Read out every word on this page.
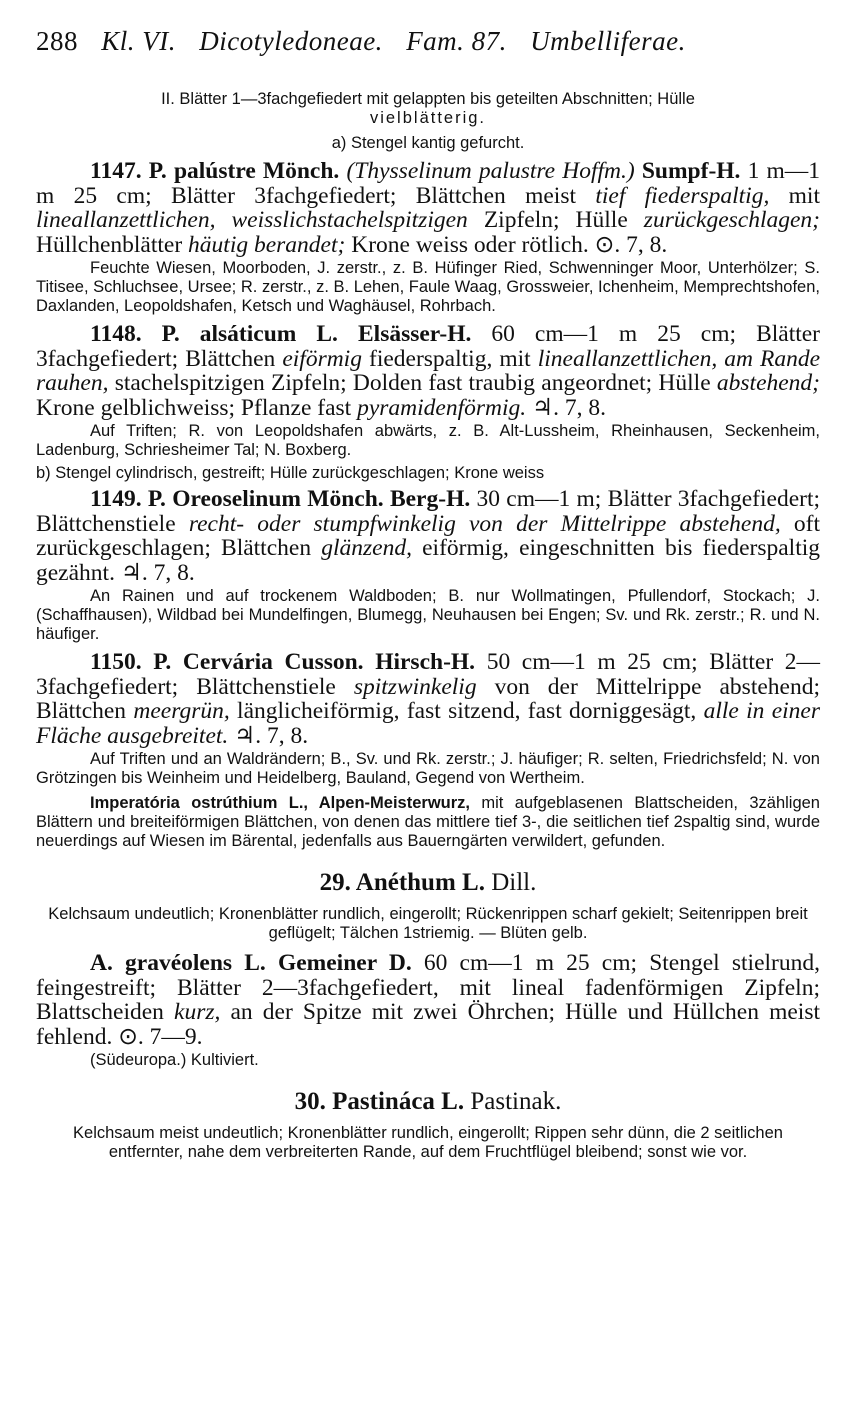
288 Kl. VI. Dicotyledoneae. Fam. 87. Umbelliferae.
II. Blätter 1—3fachgefiedert mit gelappten bis geteilten Abschnitten; Hülle
vielblätterig.
a) Stengel kantig gefurcht.

1147. P. palústre Mönch. (Thysselinum palustre Hoffm.) Sumpf-H. 1 m—1 m 25 cm; Blätter 3fachgefiedert; Blättchen meist tief fiederspaltig, mit lineallanzettlichen, weisslichstachelspitzigen Zipfeln; Hülle zurückgeschlagen; Hüllchenblätter häutig berandet; Krone weiss oder rötlich. ⊙. 7, 8.

Feuchte Wiesen, Moorboden, J. zerstr., z. B. Hüfinger Ried, Schwenninger Moor, Unterhölzer; S. Titisee, Schluchsee, Ursee; R. zerstr., z. B. Lehen, Faule Waag, Grossweier, Ichenheim, Memprechtshofen, Daxlanden, Leopoldshafen, Ketsch und Waghäusel, Rohrbach.

1148. P. alsáticum L. Elsässer-H. 60 cm—1 m 25 cm; Blätter 3fachgefiedert; Blättchen eiförmig fiederspaltig, mit lineallanzettlichen, am Rande rauhen, stachelspitzigen Zipfeln; Dolden fast traubig angeordnet; Hülle abstehend; Krone gelblichweiss; Pflanze fast pyramidenförmig. ♃. 7, 8.

Auf Triften; R. von Leopoldshafen abwärts, z. B. Alt-Lussheim, Rheinhausen, Seckenheim, Ladenburg, Schriesheimer Tal; N. Boxberg.

b) Stengel cylindrisch, gestreift; Hülle zurückgeschlagen; Krone weiss

1149. P. Oreoselinum Mönch. Berg-H. 30 cm—1 m; Blätter 3fachgefiedert; Blättchenstiele recht- oder stumpfwinkelig von der Mittelrippe abstehend, oft zurückgeschlagen; Blättchen glänzend, eiförmig, eingeschnitten bis fiederspaltig gezähnt. ♃. 7, 8.

An Rainen und auf trockenem Waldboden; B. nur Wollmatingen, Pfullendorf, Stockach; J. (Schaffhausen), Wildbad bei Mundelfingen, Blumegg, Neuhausen bei Engen; Sv. und Rk. zerstr.; R. und N. häufiger.

1150. P. Cervária Cusson. Hirsch-H. 50 cm—1 m 25 cm; Blätter 2—3fachgefiedert; Blättchenstiele spitzwinkelig von der Mittelrippe abstehend; Blättchen meergrün, länglicheiförmig, fast sitzend, fast dorniggesägt, alle in einer Fläche ausgebreitet. ♃. 7, 8.

Auf Triften und an Waldrändern; B., Sv. und Rk. zerstr.; J. häufiger; R. selten, Friedrichsfeld; N. von Grötzingen bis Weinheim und Heidelberg, Bauland, Gegend von Wertheim.

Imperatória ostrúthium L., Alpen-Meisterwurz, mit aufgeblasenen Blattscheiden, 3zähligen Blättern und breiteiförmigen Blättchen, von denen das mittlere tief 3-, die seitlichen tief 2spaltig sind, wurde neuerdings auf Wiesen im Bärental, jedenfalls aus Bauerngärten verwildert, gefunden.

29. Anéthum L. Dill.

Kelchsaum undeutlich; Kronenblätter rundlich, eingerollt; Rückenrippen scharf gekielt; Seitenrippen breit geflügelt; Tälchen 1striemig. — Blüten gelb.

A. gravéolens L. Gemeiner D. 60 cm—1 m 25 cm; Stengel stielrund, feingestreift; Blätter 2—3fachgefiedert, mit lineal fadenförmigen Zipfeln; Blattscheiden kurz, an der Spitze mit zwei Öhrchen; Hülle und Hüllchen meist fehlend. ⊙. 7—9.

(Südeuropa.) Kultiviert.

30. Pastináca L. Pastinak.

Kelchsaum meist undeutlich; Kronenblätter rundlich, eingerollt; Rippen sehr dünn, die 2 seitlichen entfernter, nahe dem verbreiterten Rande, auf dem Fruchtflügel bleibend; sonst wie vor.
